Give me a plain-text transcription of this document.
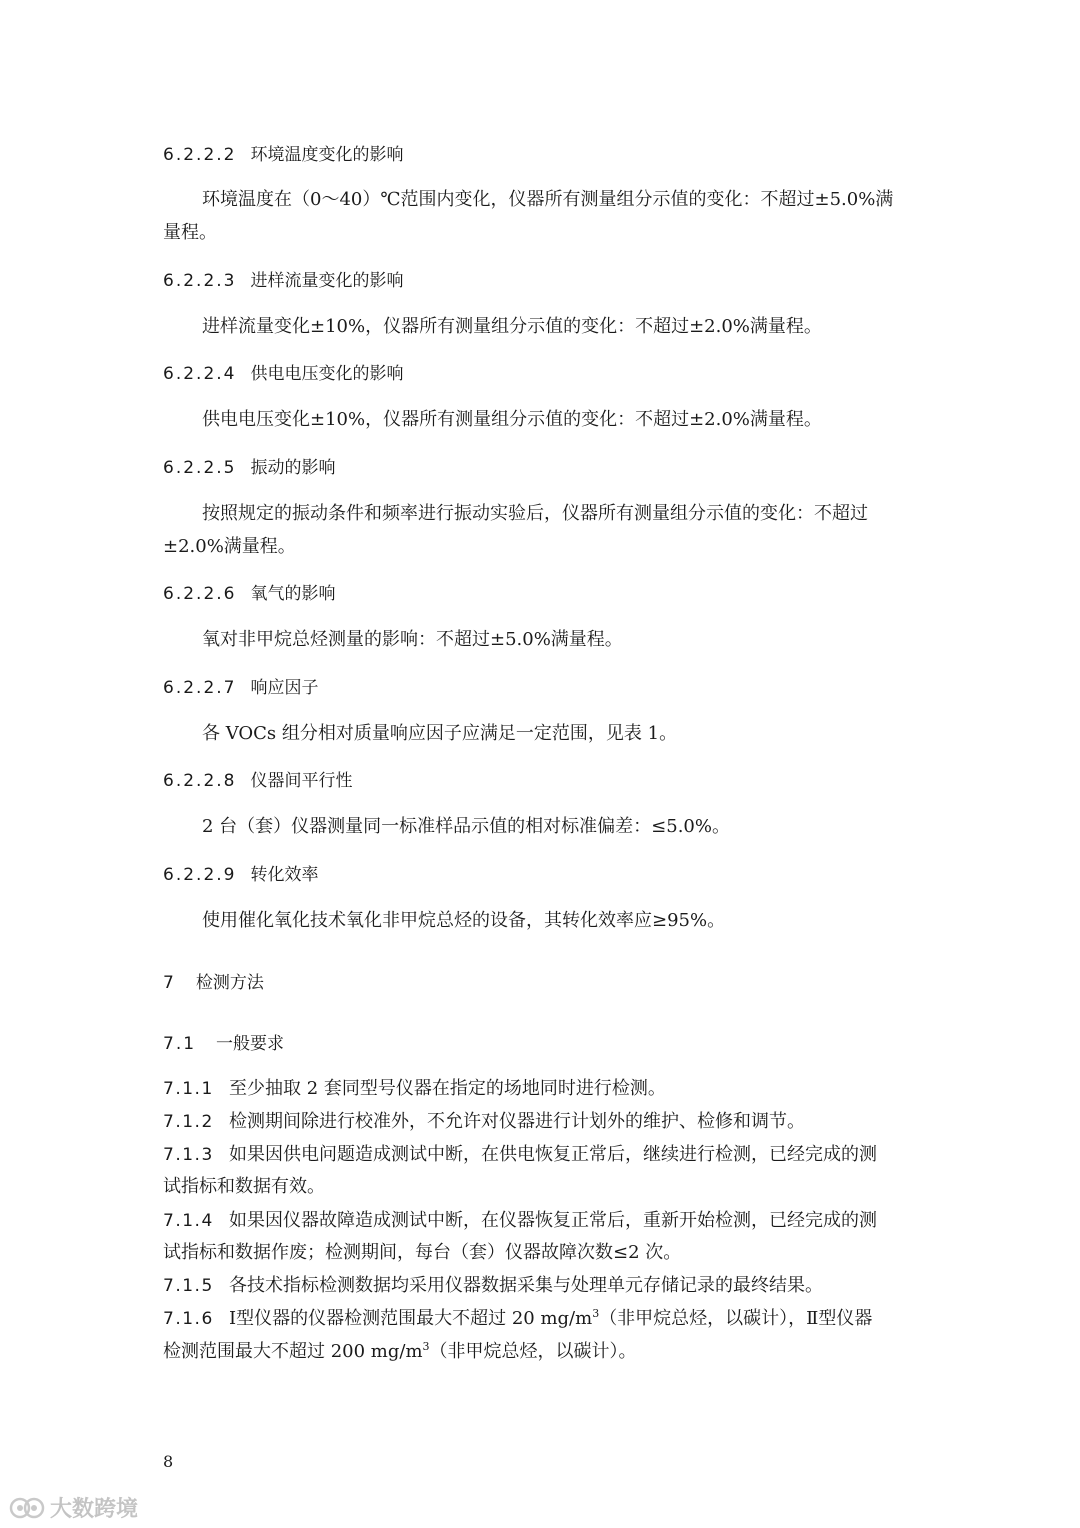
6.2.2.2 环境温度变化的影响
环境温度在（0～40）℃范围内变化，仪器所有测量组分示值的变化：不超过±5.0%满
量程。
6.2.2.3 进样流量变化的影响
进样流量变化±10%，仪器所有测量组分示值的变化：不超过±2.0%满量程。
6.2.2.4 供电电压变化的影响
供电电压变化±10%，仪器所有测量组分示值的变化：不超过±2.0%满量程。
6.2.2.5 振动的影响
按照规定的振动条件和频率进行振动实验后，仪器所有测量组分示值的变化：不超过
±2.0%满量程。
6.2.2.6 氧气的影响
氧对非甲烷总烃测量的影响：不超过±5.0%满量程。
6.2.2.7 响应因子
各 VOCs 组分相对质量响应因子应满足一定范围，见表 1。
6.2.2.8 仪器间平行性
2 台（套）仪器测量同一标准样品示值的相对标准偏差：≤5.0%。
6.2.2.9 转化效率
使用催化氧化技术氧化非甲烷总烃的设备，其转化效率应≥95%。
7 检测方法
7.1 一般要求
7.1.1 至少抽取 2 套同型号仪器在指定的场地同时进行检测。
7.1.2 检测期间除进行校准外，不允许对仪器进行计划外的维护、检修和调节。
7.1.3 如果因供电问题造成测试中断，在供电恢复正常后，继续进行检测，已经完成的测
试指标和数据有效。
7.1.4 如果因仪器故障造成测试中断，在仪器恢复正常后，重新开始检测，已经完成的测
试指标和数据作废；检测期间，每台（套）仪器故障次数≤2 次。
7.1.5 各技术指标检测数据均采用仪器数据采集与处理单元存储记录的最终结果。
7.1.6 Ⅰ型仪器的仪器检测范围最大不超过 20 $mg/m^3$（非甲烷总烃，以碳计），Ⅱ型仪器
检测范围最大不超过 200 $mg/m^3$（非甲烷总烃，以碳计）。
8
大数跨境
